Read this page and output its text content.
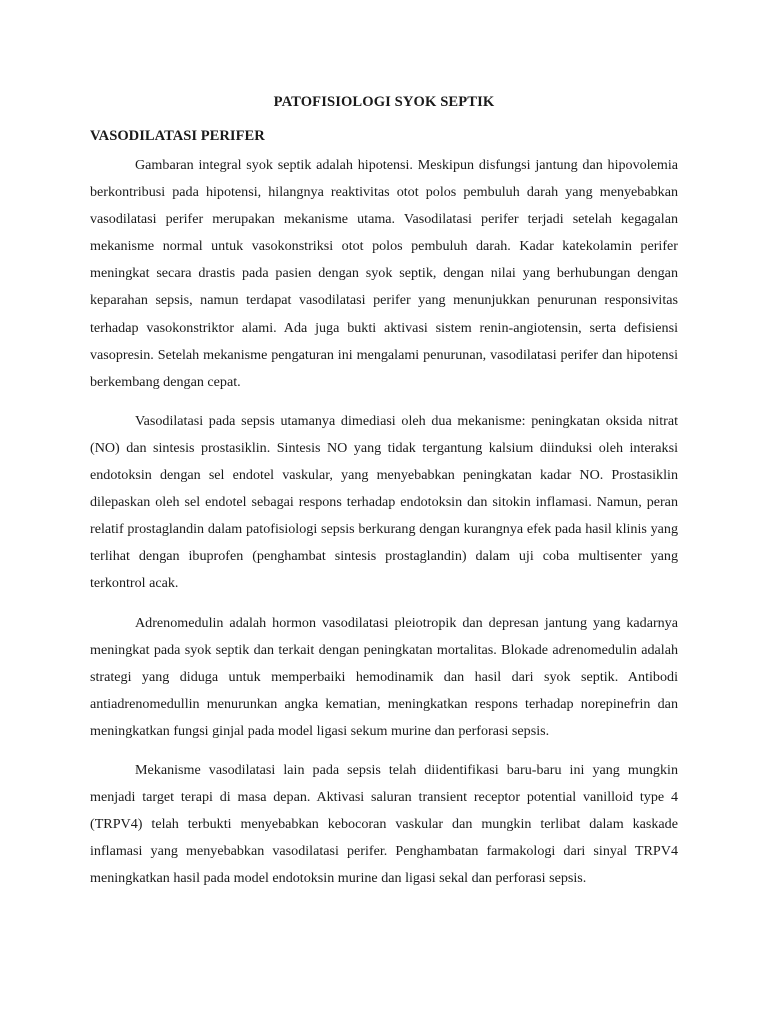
PATOFISIOLOGI SYOK SEPTIK
VASODILATASI PERIFER

Gambaran integral syok septik adalah hipotensi. Meskipun disfungsi jantung dan hipovolemia berkontribusi pada hipotensi, hilangnya reaktivitas otot polos pembuluh darah yang menyebabkan vasodilatasi perifer merupakan mekanisme utama. Vasodilatasi perifer terjadi setelah kegagalan mekanisme normal untuk vasokonstriksi otot polos pembuluh darah. Kadar katekolamin perifer meningkat secara drastis pada pasien dengan syok septik, dengan nilai yang berhubungan dengan keparahan sepsis, namun terdapat vasodilatasi perifer yang menunjukkan penurunan responsivitas terhadap vasokonstriktor alami. Ada juga bukti aktivasi sistem renin-angiotensin, serta defisiensi vasopresin. Setelah mekanisme pengaturan ini mengalami penurunan, vasodilatasi perifer dan hipotensi berkembang dengan cepat.

Vasodilatasi pada sepsis utamanya dimediasi oleh dua mekanisme: peningkatan oksida nitrat (NO) dan sintesis prostasiklin. Sintesis NO yang tidak tergantung kalsium diinduksi oleh interaksi endotoksin dengan sel endotel vaskular, yang menyebabkan peningkatan kadar NO. Prostasiklin dilepaskan oleh sel endotel sebagai respons terhadap endotoksin dan sitokin inflamasi. Namun, peran relatif prostaglandin dalam patofisiologi sepsis berkurang dengan kurangnya efek pada hasil klinis yang terlihat dengan ibuprofen (penghambat sintesis prostaglandin) dalam uji coba multisenter yang terkontrol acak.

Adrenomedulin adalah hormon vasodilatasi pleiotropik dan depresan jantung yang kadarnya meningkat pada syok septik dan terkait dengan peningkatan mortalitas. Blokade adrenomedulin adalah strategi yang diduga untuk memperbaiki hemodinamik dan hasil dari syok septik. Antibodi antiadrenomedullin menurunkan angka kematian, meningkatkan respons terhadap norepinefrin dan meningkatkan fungsi ginjal pada model ligasi sekum murine dan perforasi sepsis.

Mekanisme vasodilatasi lain pada sepsis telah diidentifikasi baru-baru ini yang mungkin menjadi target terapi di masa depan. Aktivasi saluran transient receptor potential vanilloid type 4 (TRPV4) telah terbukti menyebabkan kebocoran vaskular dan mungkin terlibat dalam kaskade inflamasi yang menyebabkan vasodilatasi perifer. Penghambatan farmakologi dari sinyal TRPV4 meningkatkan hasil pada model endotoksin murine dan ligasi sekal dan perforasi sepsis.
